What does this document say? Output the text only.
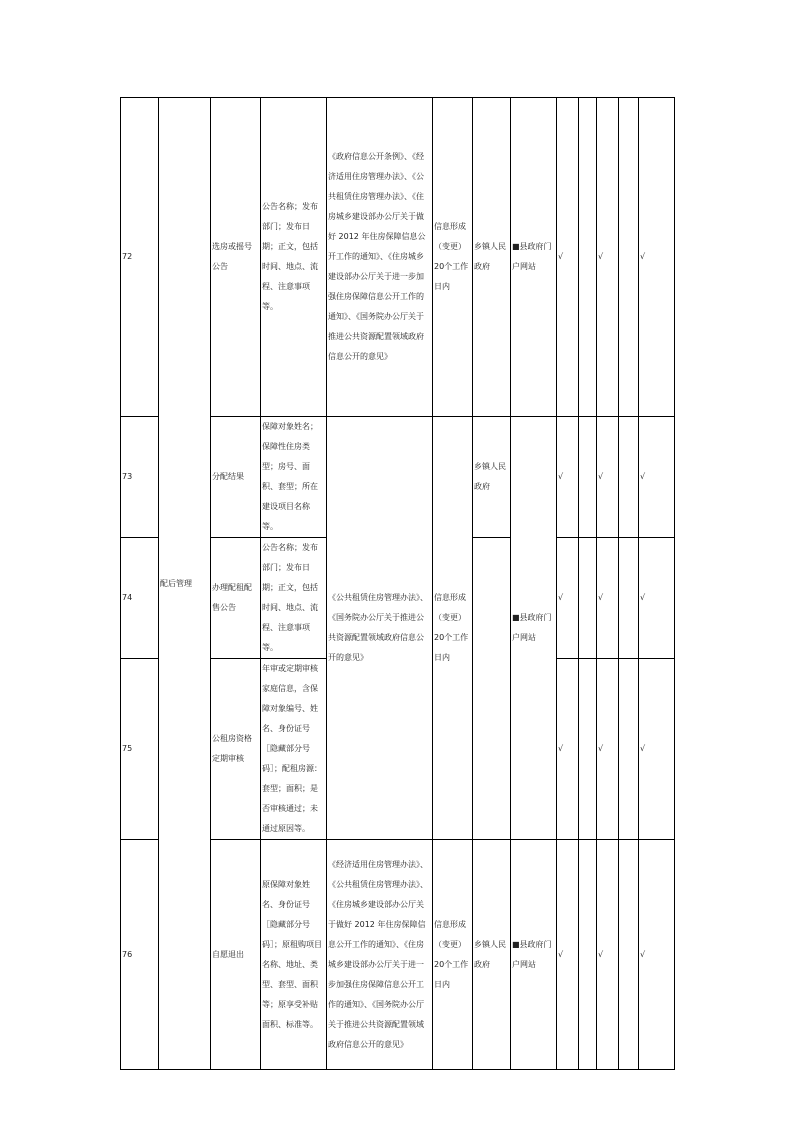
72	配后管理	选房或摇号公告	公告名称；发布部门；发布日期；正文，包括时间、地点、流程、注意事项等。	《政府信息公开条例》、《经济适用住房管理办法》、《公共租赁住房管理办法》、《住房城乡建设部办公厅关于做好 2012 年住房保障信息公开工作的通知》、《住房城乡建设部办公厅关于进一步加强住房保障信息公开工作的通知》、《国务院办公厅关于推进公共资源配置领域政府信息公开的意见》	信息形成（变更）20个工作日内	乡镇人民政府	■县政府门户网站	√		√		√
73		分配结果	保障对象姓名；保障性住房类型；房号、面积、套型；所在建设项目名称等。	《公共租赁住房管理办法》、《国务院办公厅关于推进公共资源配置领域政府信息公开的意见》	信息形成（变更）20个工作日内	乡镇人民政府	■县政府门户网站	√		√		√
74		办理配租配售公告	公告名称；发布部门；发布日期；正文，包括时间、地点、流程、注意事项等。					√		√		√
75		公租房资格定期审核	年审或定期审核家庭信息，含保障对象编号、姓名、身份证号［隐藏部分号码］；配租房源：套型；面积；是否审核通过；未通过原因等。					√		√		√
76		自愿退出	原保障对象姓名、身份证号［隐藏部分号码］；原租购项目名称、地址、类型、套型、面积等；原享受补贴面积、标准等。	《经济适用住房管理办法》、《公共租赁住房管理办法》、《住房城乡建设部办公厅关于做好 2012 年住房保障信息公开工作的通知》、《住房城乡建设部办公厅关于进一步加强住房保障信息公开工作的通知》、《国务院办公厅关于推进公共资源配置领域政府信息公开的意见》	信息形成（变更）20个工作日内	乡镇人民政府	■县政府门户网站	√		√		√
